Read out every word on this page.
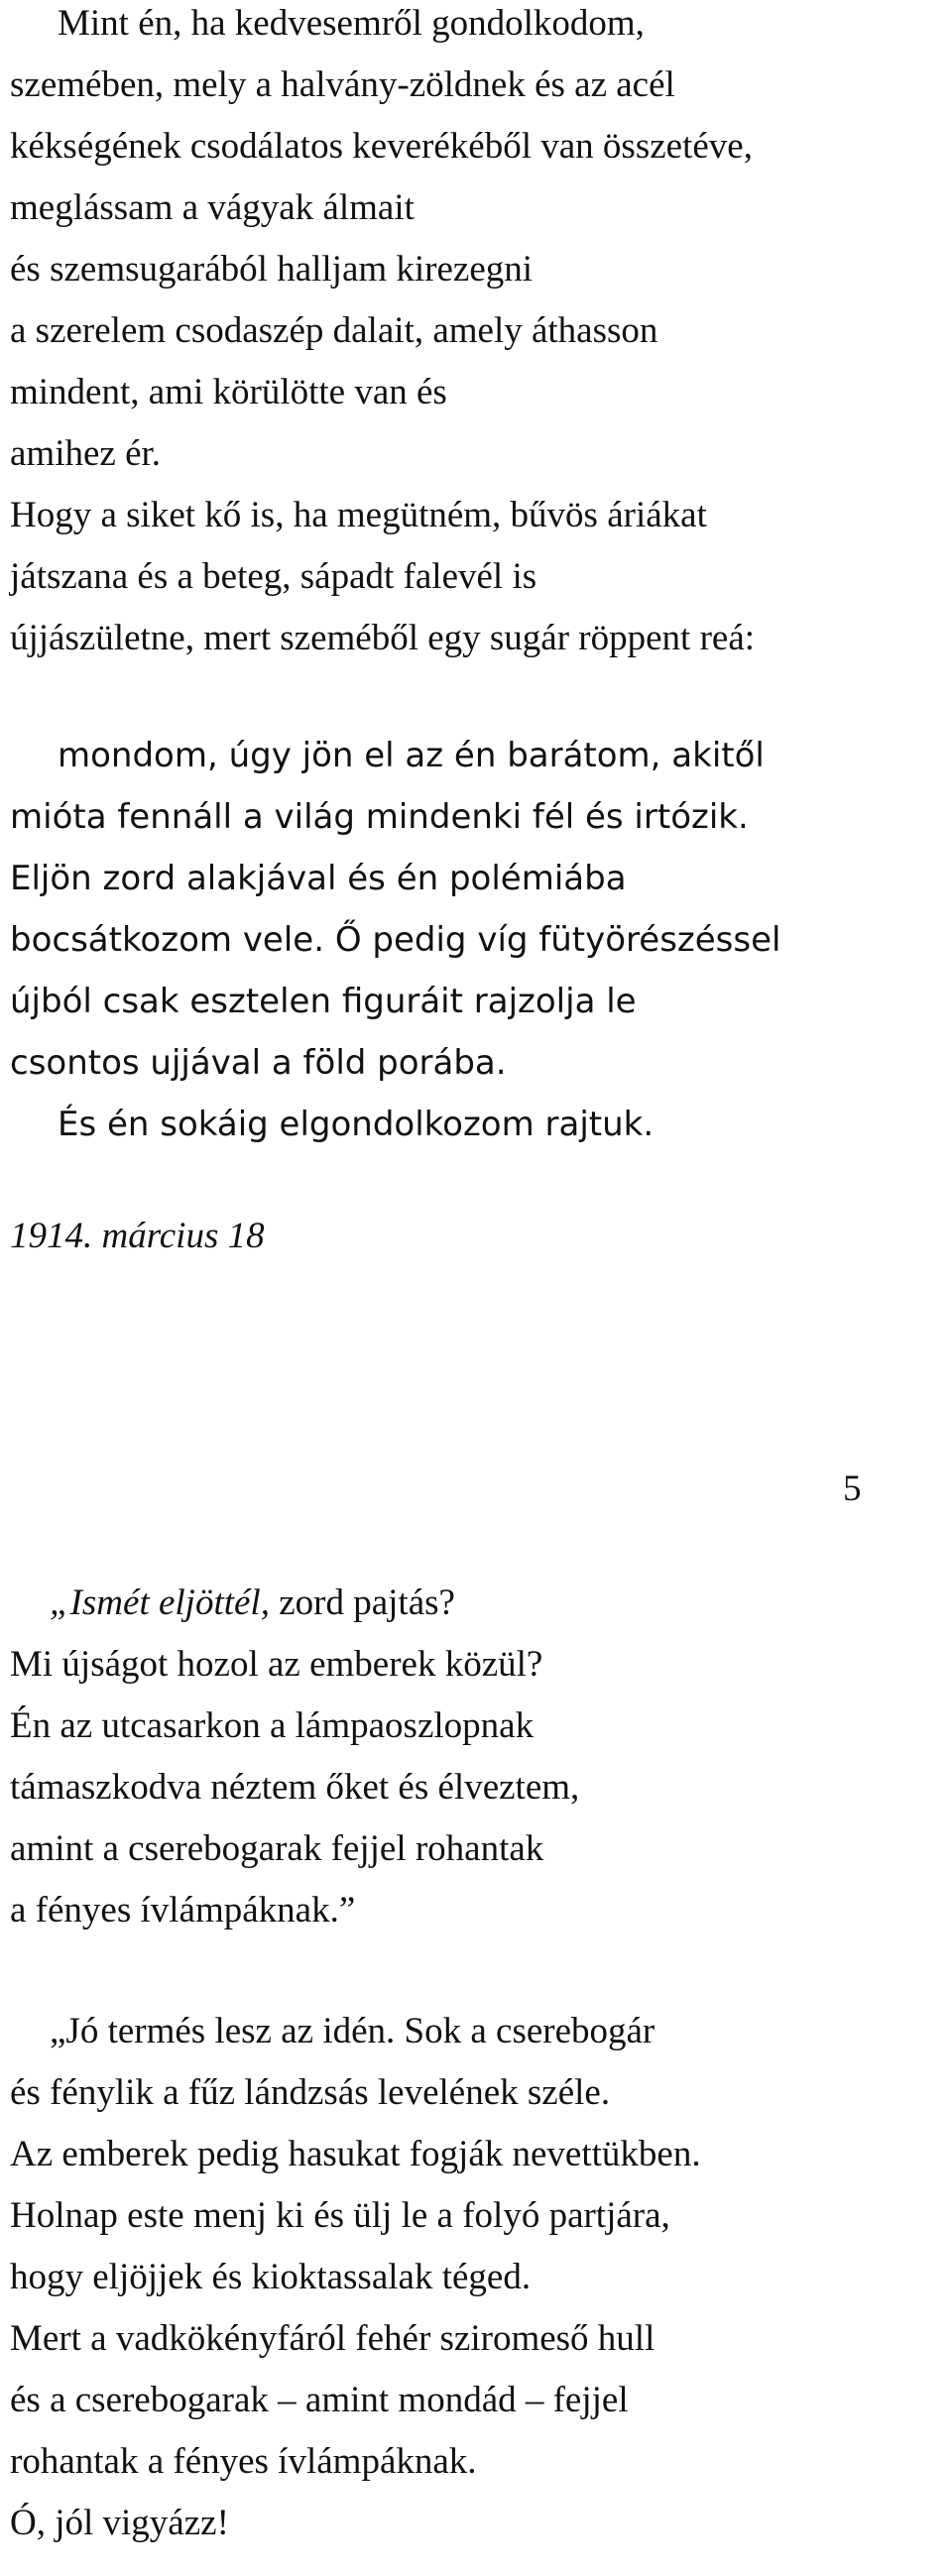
Mint én, ha kedvesemről gondolkodom,
szemében, mely a halvány-zöldnek és az acél
kékségének csodálatos keverékéből van összetéve,
meglássam a vágyak álmait
és szemsugarából halljam kirezegni
a szerelem csodaszép dalait, amely áthasson
mindent, ami körülötte van és
amihez ér.
Hogy a siket kő is, ha megütném, bűvös áriákat
játszana és a beteg, sápadt falevél is
újjászületne, mert szeméből egy sugár röppent reá:
mondom, úgy jön el az én barátom, akitől
mióta fennáll a világ mindenki fél és irtózik.
Eljön zord alakjával és én polémiába
bocsátkozom vele. Ő pedig víg fütyörészéssel
újból csak esztelen figuráit rajzolja le
csontos ujjával a föld porába.
És én sokáig elgondolkozom rajtuk.
1914. március 18
5
„Ismét eljöttél, zord pajtás?
Mi újságot hozol az emberek közül?
Én az utcasarkon a lámpaoszlopnak
támaszkodva néztem őket és élveztem,
amint a cserebogarak fejjel rohantak
a fényes ívlámpáknak.”
„Jó termés lesz az idén. Sok a cserebogár
és fénylik a fűz lándzsás levelének széle.
Az emberek pedig hasukat fogják nevettükben.
Holnap este menj ki és ülj le a folyó partjára,
hogy eljöjjek és kioktassalak téged.
Mert a vadkökényfáról fehér sziromeső hull
és a cserebogarak – amint mondád – fejjel
rohantak a fényes ívlámpáknak.
Ó, jól vigyázz!
